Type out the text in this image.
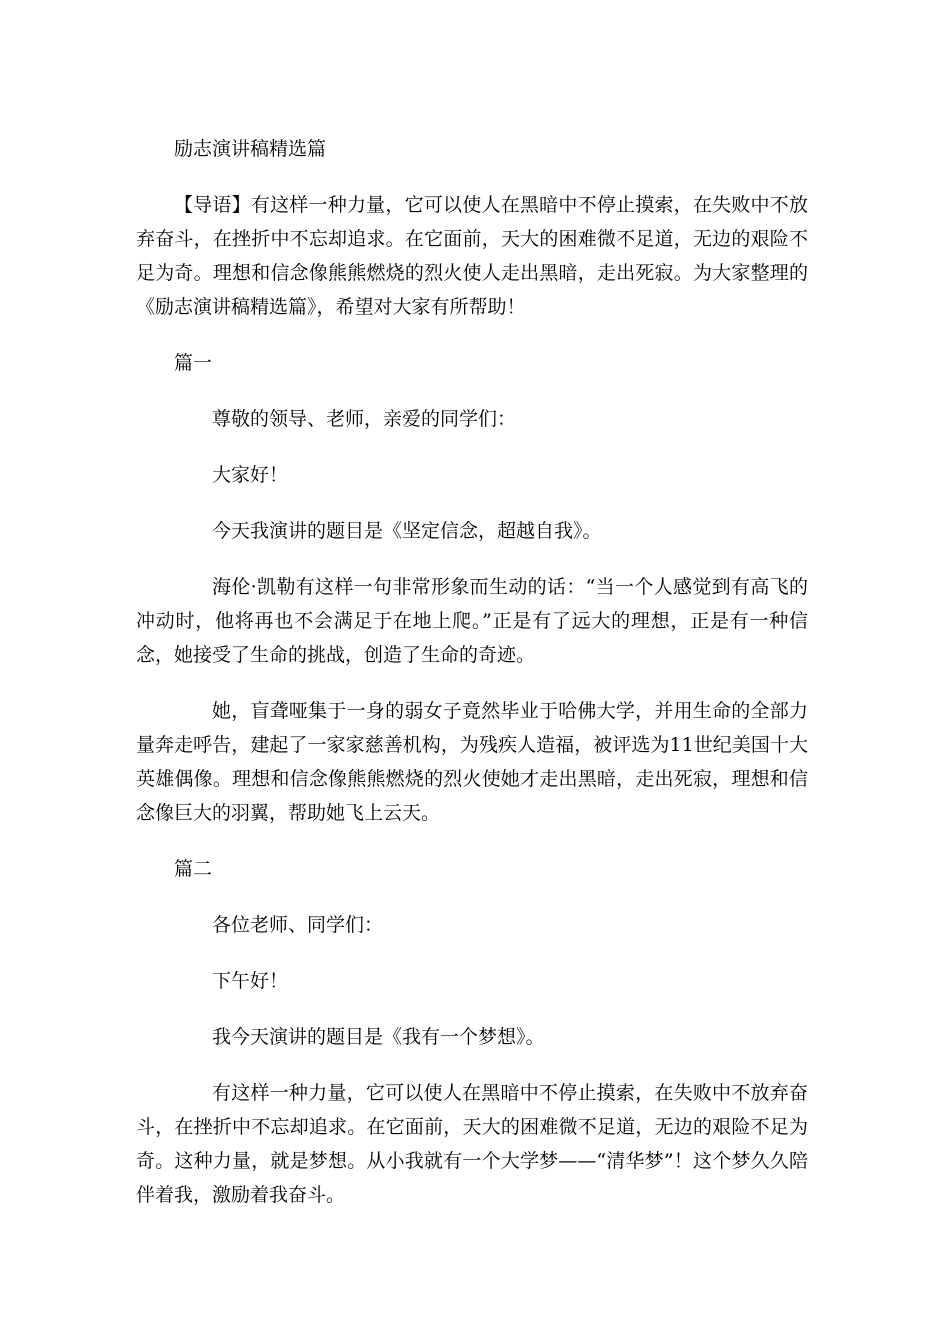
励志演讲稿精选篇

【导语】有这样一种力量，它可以使人在黑暗中不停止摸索，在失败中不放弃奋斗，在挫折中不忘却追求。在它面前，天大的困难微不足道，无边的艰险不足为奇。理想和信念像熊熊燃烧的烈火使人走出黑暗，走出死寂。为大家整理的《励志演讲稿精选篇》，希望对大家有所帮助！

篇一
尊敬的领导、老师，亲爱的同学们：
大家好！
今天我演讲的题目是《坚定信念，超越自我》。

海伦·凯勒有这样一句非常形象而生动的话：“当一个人感觉到有高飞的冲动时，他将再也不会满足于在地上爬。”正是有了远大的理想，正是有一种信念，她接受了生命的挑战，创造了生命的奇迹。

她，盲聋哑集于一身的弱女子竟然毕业于哈佛大学，并用生命的全部力量奔走呼告，建起了一家家慈善机构，为残疾人造福，被评选为11世纪美国十大英雄偶像。理想和信念像熊熊燃烧的烈火使她才走出黑暗，走出死寂，理想和信念像巨大的羽翼，帮助她飞上云天。

篇二
各位老师、同学们：
下午好！
我今天演讲的题目是《我有一个梦想》。

有这样一种力量，它可以使人在黑暗中不停止摸索，在失败中不放弃奋斗，在挫折中不忘却追求。在它面前，天大的困难微不足道，无边的艰险不足为奇。这种力量，就是梦想。从小我就有一个大学梦——“清华梦”！这个梦久久陪伴着我，激励着我奋斗。
